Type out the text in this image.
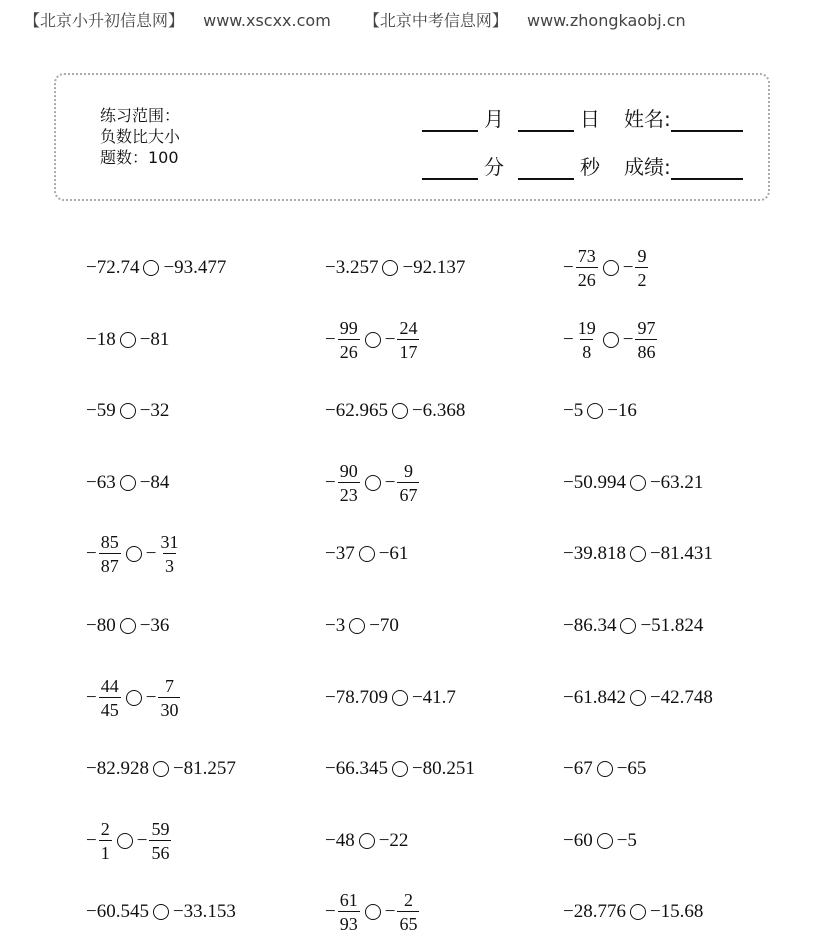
【北京小升初信息网】 www.xscxx.com 【北京中考信息网】 www.zhongkaobj.cn
练习范围：
负数比大小
题数：100
月	日 姓名:
分	秒 成绩:
−72.74 −93.477	−3.257 −92.137	− $\frac{73}{26} - \frac{9}{2}$
−18 −81	− $\frac{99}{26} - \frac{24}{17}$	− $\frac{19}{8} - \frac{97}{86}$
−59 −32	−62.965 −6.368	−5 −16
−63 −84	− $\frac{90}{23} - \frac{9}{67}$	−50.994 −63.21
− $\frac{85}{87} - \frac{31}{3}$	−37 −61	−39.818 −81.431
−80 −36	−3 −70	−86.34 −51.824
− $\frac{44}{45} - \frac{7}{30}$	−78.709 −41.7	−61.842 −42.748
−82.928 −81.257	−66.345 −80.251	−67 −65
− $\frac{2}{1} - \frac{59}{56}$	−48 −22	−60 −5
−60.545 −33.153	− $\frac{61}{93} - \frac{2}{65}$	−28.776 −15.68
